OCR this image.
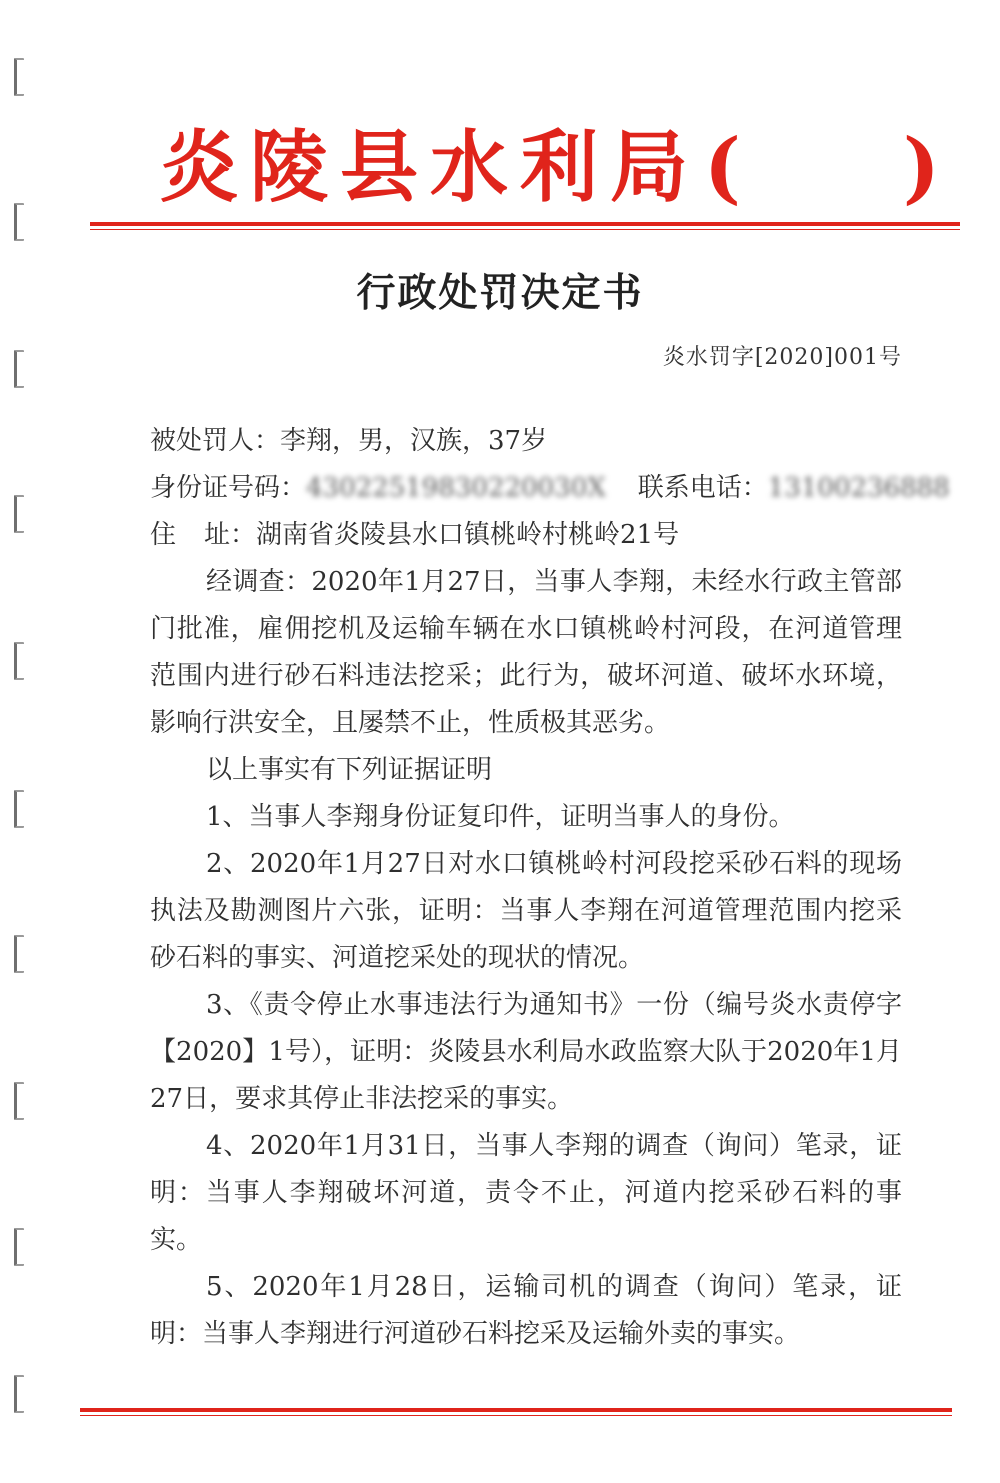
炎陵县水利局( )
行政处罚决定书
炎水罚字[2020]001号
被处罚人：李翔，男，汉族，37岁
身份证号码：43022519830220030X 联系电话：13100236888
住 址：湖南省炎陵县水口镇桃岭村桃岭21号
经调查：2020年1月27日，当事人李翔，未经水行政主管部门批准，雇佣挖机及运输车辆在水口镇桃岭村河段，在河道管理范围内进行砂石料违法挖采；此行为，破坏河道、破坏水环境，影响行洪安全，且屡禁不止，性质极其恶劣。
以上事实有下列证据证明
1、当事人李翔身份证复印件，证明当事人的身份。
2、2020年1月27日对水口镇桃岭村河段挖采砂石料的现场执法及勘测图片六张，证明：当事人李翔在河道管理范围内挖采砂石料的事实、河道挖采处的现状的情况。
3、《责令停止水事违法行为通知书》一份（编号炎水责停字【2020】1号），证明：炎陵县水利局水政监察大队于2020年1月27日，要求其停止非法挖采的事实。
4、2020年1月31日，当事人李翔的调查（询问）笔录，证明：当事人李翔破坏河道，责令不止，河道内挖采砂石料的事实。
5、2020年1月28日，运输司机的调查（询问）笔录，证明：当事人李翔进行河道砂石料挖采及运输外卖的事实。
